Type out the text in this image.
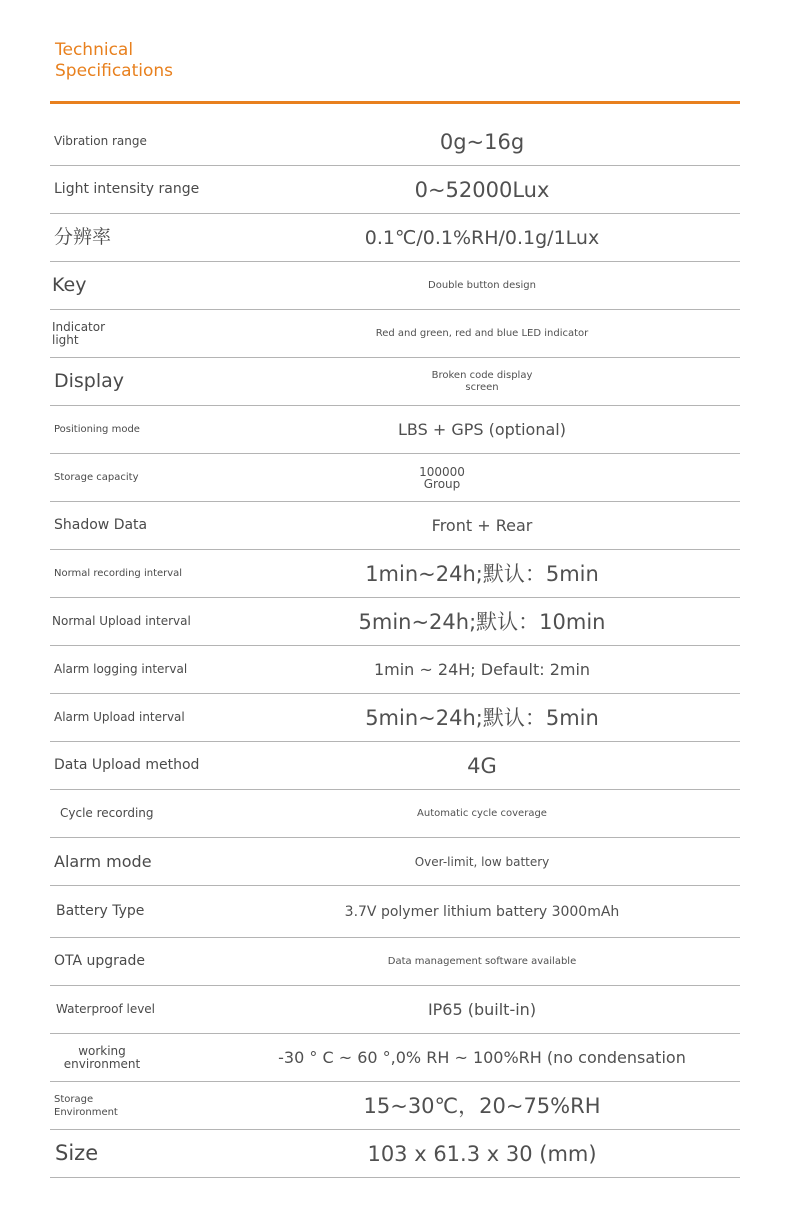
Technical
Specifications
Vibration range	0g~16g
Light intensity range	0~52000Lux
分辨率	0.1℃/0.1%RH/0.1g/1Lux
Key	Double button design
Indicator
light	Red and green, red and blue LED indicator
Display	Broken code display
screen
Positioning mode	LBS + GPS (optional)
Storage capacity	100000
Group
Shadow Data	Front + Rear
Normal recording interval	1min~24h;默认：5min
Normal Upload interval	5min~24h;默认：10min
Alarm logging interval	1min ~ 24H; Default: 2min
Alarm Upload interval	5min~24h;默认：5min
Data Upload method	4G
Cycle recording	Automatic cycle coverage
Alarm mode	Over-limit, low battery
Battery Type	3.7V polymer lithium battery 3000mAh
OTA upgrade	Data management software available
Waterproof level	IP65 (built-in)
working
environment	-30 ° C ~ 60 °,0% RH ~ 100%RH (no condensation
Storage
Environment	15~30℃，20~75%RH
Size	103 x 61.3 x 30 (mm)
